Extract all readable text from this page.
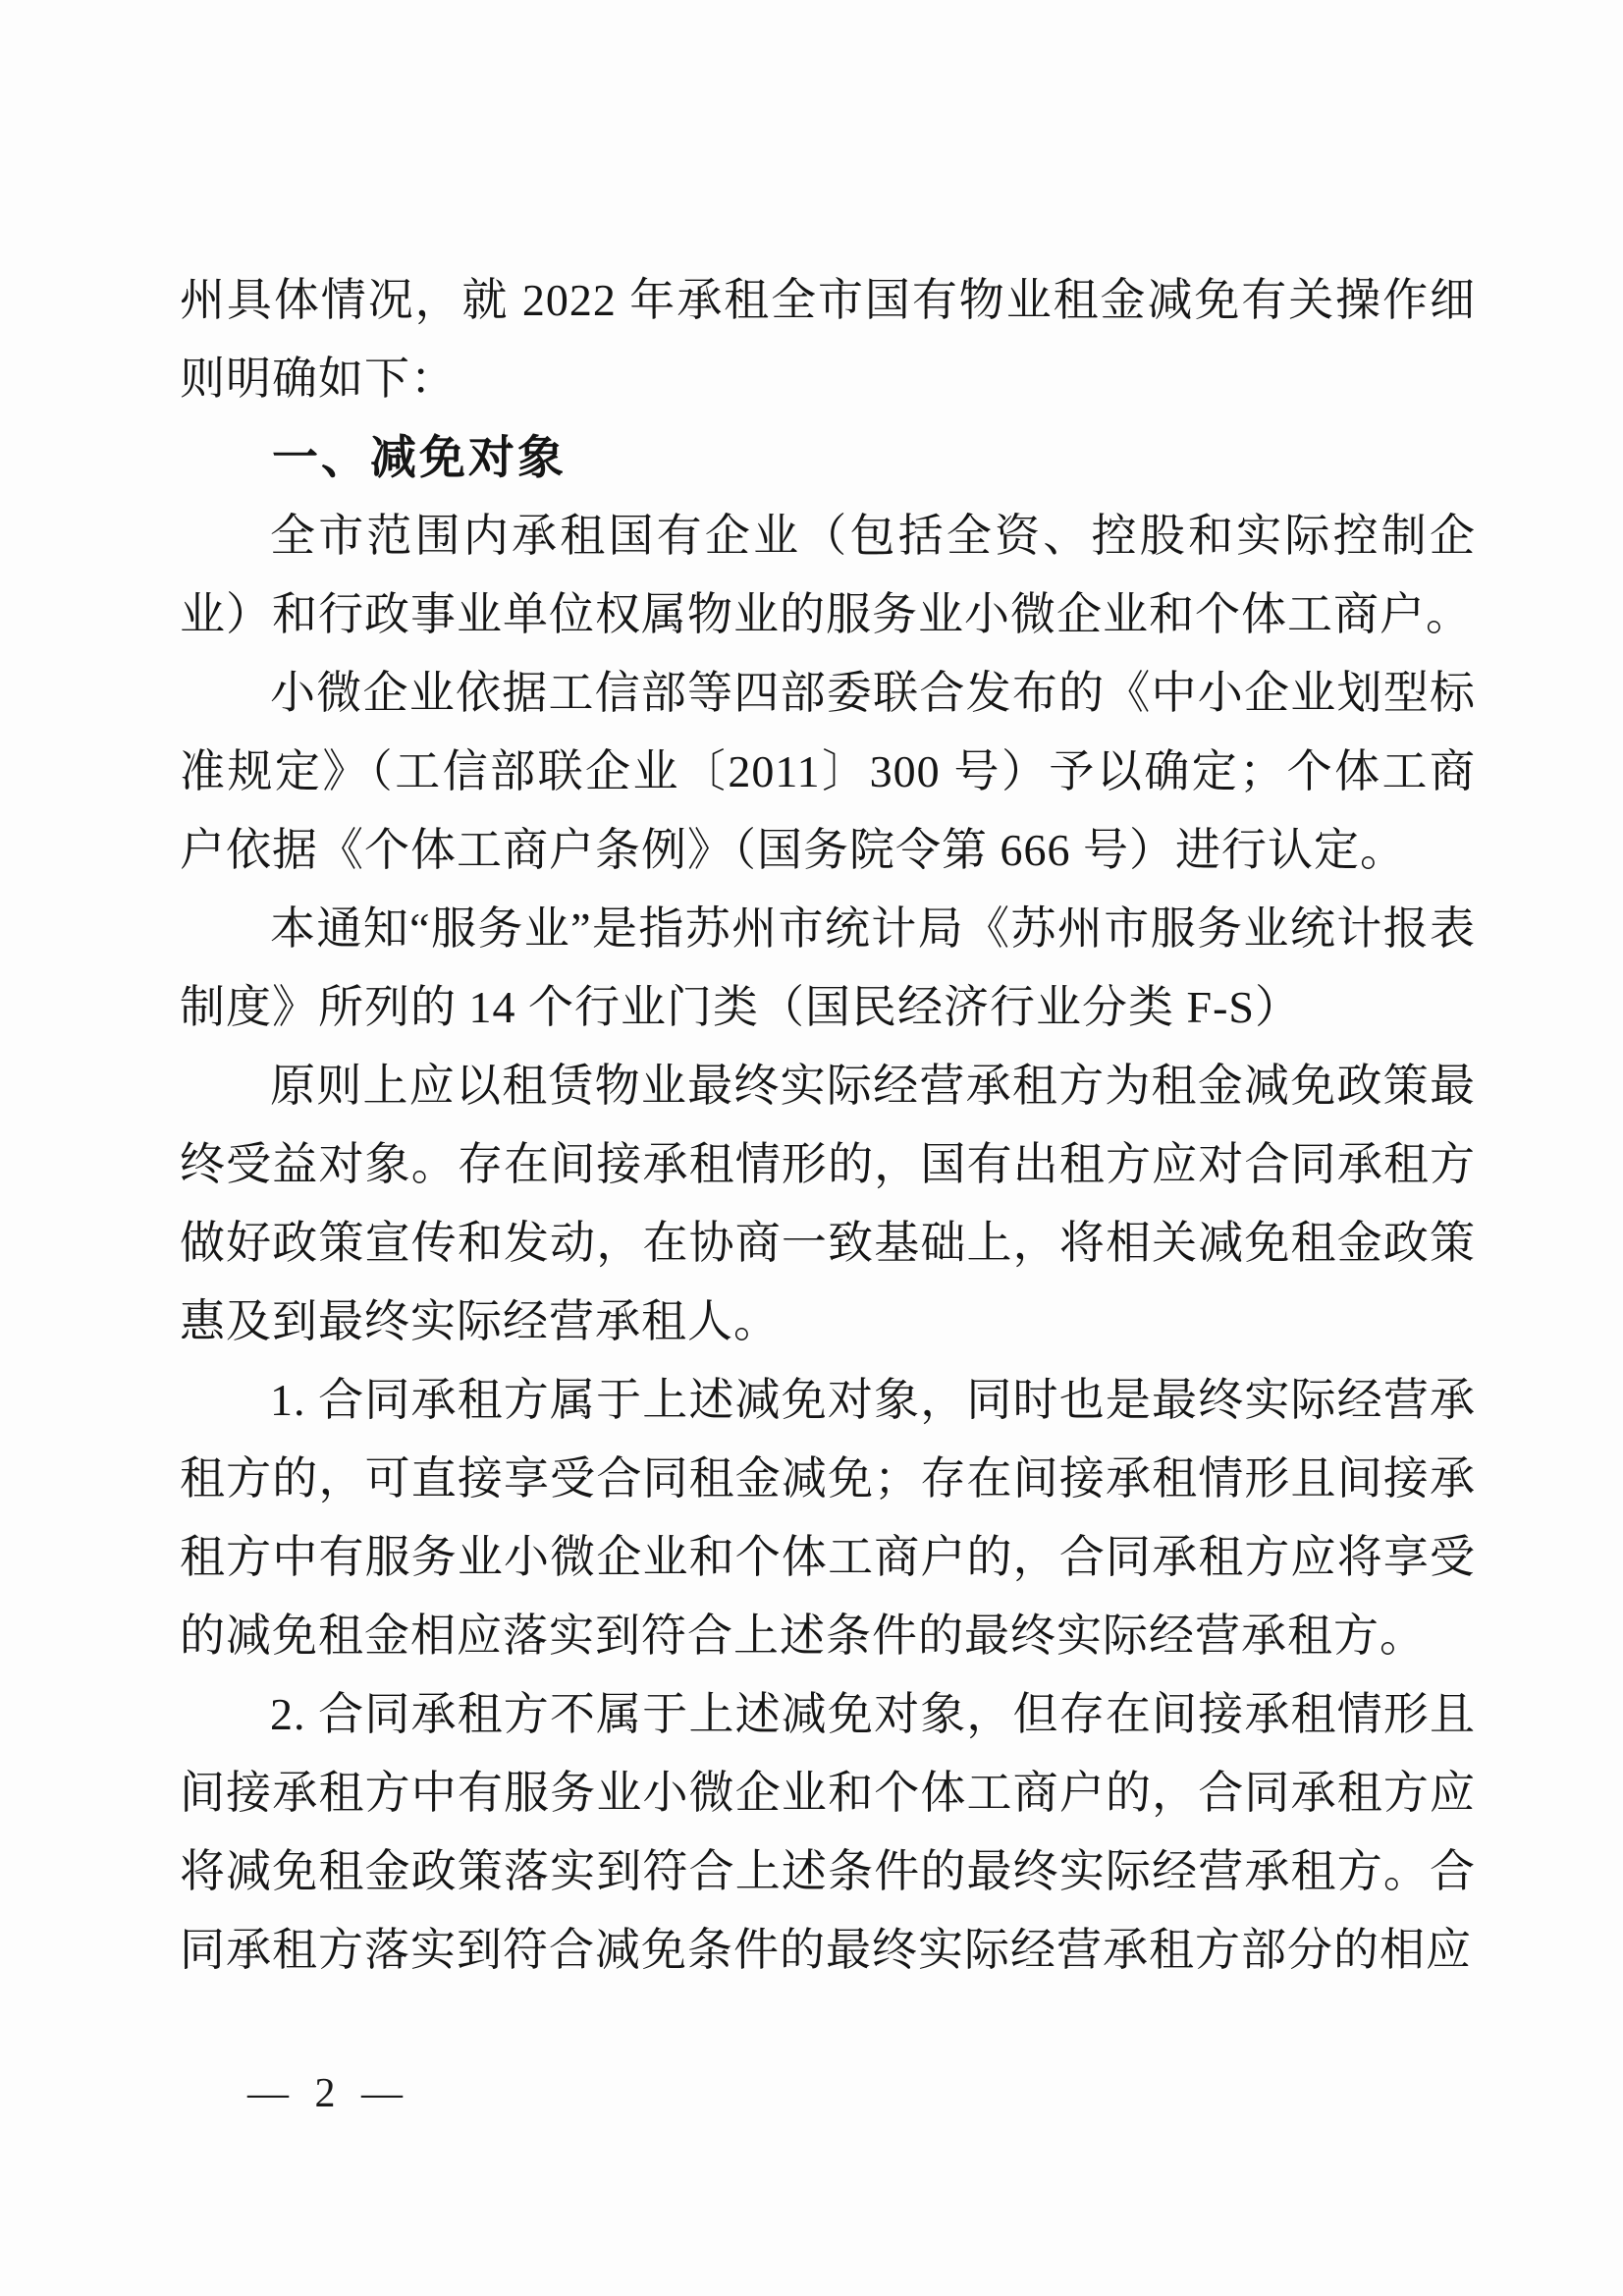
州具体情况，就 2022 年承租全市国有物业租金减免有关操作细则明确如下：

一、减免对象

全市范围内承租国有企业（包括全资、控股和实际控制企业）和行政事业单位权属物业的服务业小微企业和个体工商户。

小微企业依据工信部等四部委联合发布的《中小企业划型标准规定》（工信部联企业〔2011〕300 号）予以确定；个体工商户依据《个体工商户条例》（国务院令第 666 号）进行认定。

本通知“服务业”是指苏州市统计局《苏州市服务业统计报表制度》所列的 14 个行业门类（国民经济行业分类 F-S）

原则上应以租赁物业最终实际经营承租方为租金减免政策最终受益对象。存在间接承租情形的，国有出租方应对合同承租方做好政策宣传和发动，在协商一致基础上，将相关减免租金政策惠及到最终实际经营承租人。

1. 合同承租方属于上述减免对象，同时也是最终实际经营承租方的，可直接享受合同租金减免；存在间接承租情形且间接承租方中有服务业小微企业和个体工商户的，合同承租方应将享受的减免租金相应落实到符合上述条件的最终实际经营承租方。

2. 合同承租方不属于上述减免对象，但存在间接承租情形且间接承租方中有服务业小微企业和个体工商户的，合同承租方应将减免租金政策落实到符合上述条件的最终实际经营承租方。合同承租方落实到符合减免条件的最终实际经营承租方部分的相应

— 2 —
